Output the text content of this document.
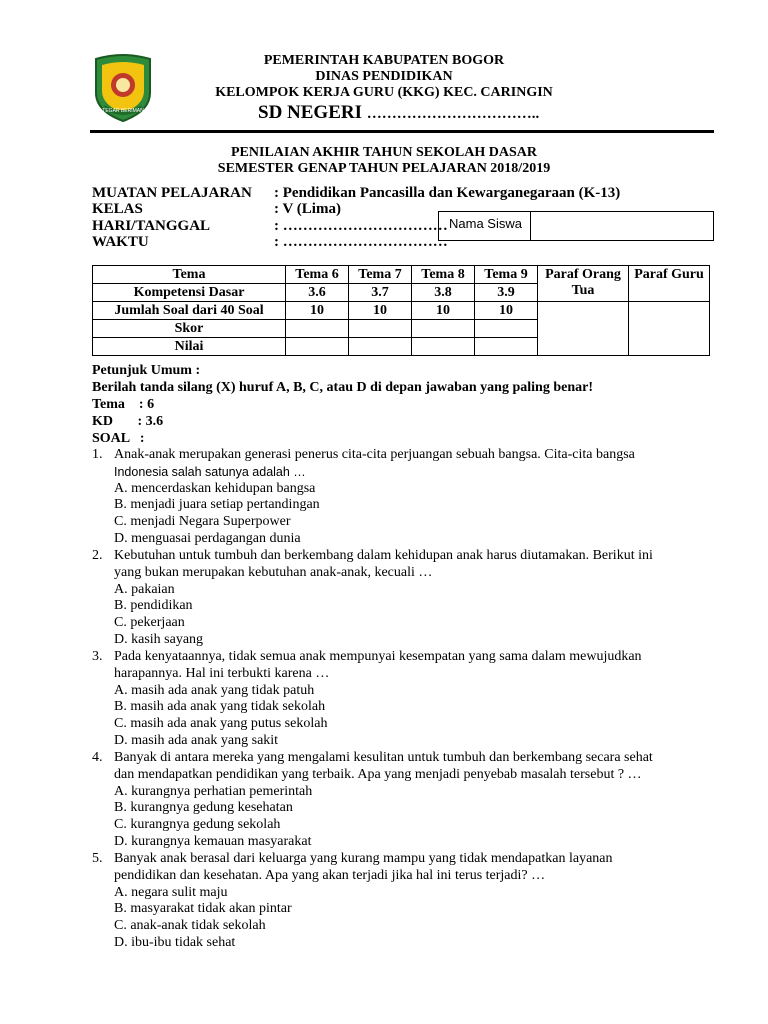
TEGAR BERIMAN
PEMERINTAH KABUPATEN BOGOR
DINAS PENDIDIKAN
KELOMPOK KERJA GURU (KKG) KEC. CARINGIN
SD NEGERI ……………………………..
PENILAIAN AKHIR TAHUN SEKOLAH DASAR
SEMESTER GENAP TAHUN PELAJARAN 2018/2019
MUATAN PELAJARAN : Pendidikan Pancasilla dan Kewarganegaraan (K-13)
KELAS	: V (Lima)
HARI/TANGGAL	: ……………………………
WAKTU	: ……………………………
Nama Siswa
Tema	Tema 6	Tema 7	Tema 8	Tema 9	Paraf Orang Tua	Paraf Guru
Kompetensi Dasar	3.6	3.7	3.8	3.9		
Jumlah Soal dari 40 Soal	10	10	10	10		
Skor						
Nilai						
Petunjuk Umum :
Berilah tanda silang (X) huruf A, B, C, atau D di depan jawaban yang paling benar!
Tema    : 6
KD       : 3.6
SOAL   :
1. Anak-anak merupakan generasi penerus cita-cita perjuangan sebuah bangsa. Cita-cita bangsa
Indonesia salah satunya adalah …
A. mencerdaskan kehidupan bangsa
B. menjadi juara setiap pertandingan
C. menjadi Negara Superpower
D. menguasai perdagangan dunia
2. Kebutuhan untuk tumbuh dan berkembang dalam kehidupan anak harus diutamakan. Berikut ini
yang bukan merupakan kebutuhan anak-anak, kecuali …
A. pakaian
B. pendidikan
C. pekerjaan
D. kasih sayang
3. Pada kenyataannya, tidak semua anak mempunyai kesempatan yang sama dalam mewujudkan
harapannya. Hal ini terbukti karena …
A. masih ada anak yang tidak patuh
B. masih ada anak yang tidak sekolah
C. masih ada anak yang putus sekolah
D. masih ada anak yang sakit
4. Banyak di antara mereka yang mengalami kesulitan untuk tumbuh dan berkembang secara sehat
dan mendapatkan pendidikan yang terbaik. Apa yang menjadi penyebab masalah tersebut ? …
A. kurangnya perhatian pemerintah
B. kurangnya gedung kesehatan
C. kurangnya gedung sekolah
D. kurangnya kemauan masyarakat
5. Banyak anak berasal dari keluarga yang kurang mampu yang tidak mendapatkan layanan
pendidikan dan kesehatan. Apa yang akan terjadi jika hal ini terus terjadi? …
A. negara sulit maju
B. masyarakat tidak akan pintar
C. anak-anak tidak sekolah
D. ibu-ibu tidak sehat
